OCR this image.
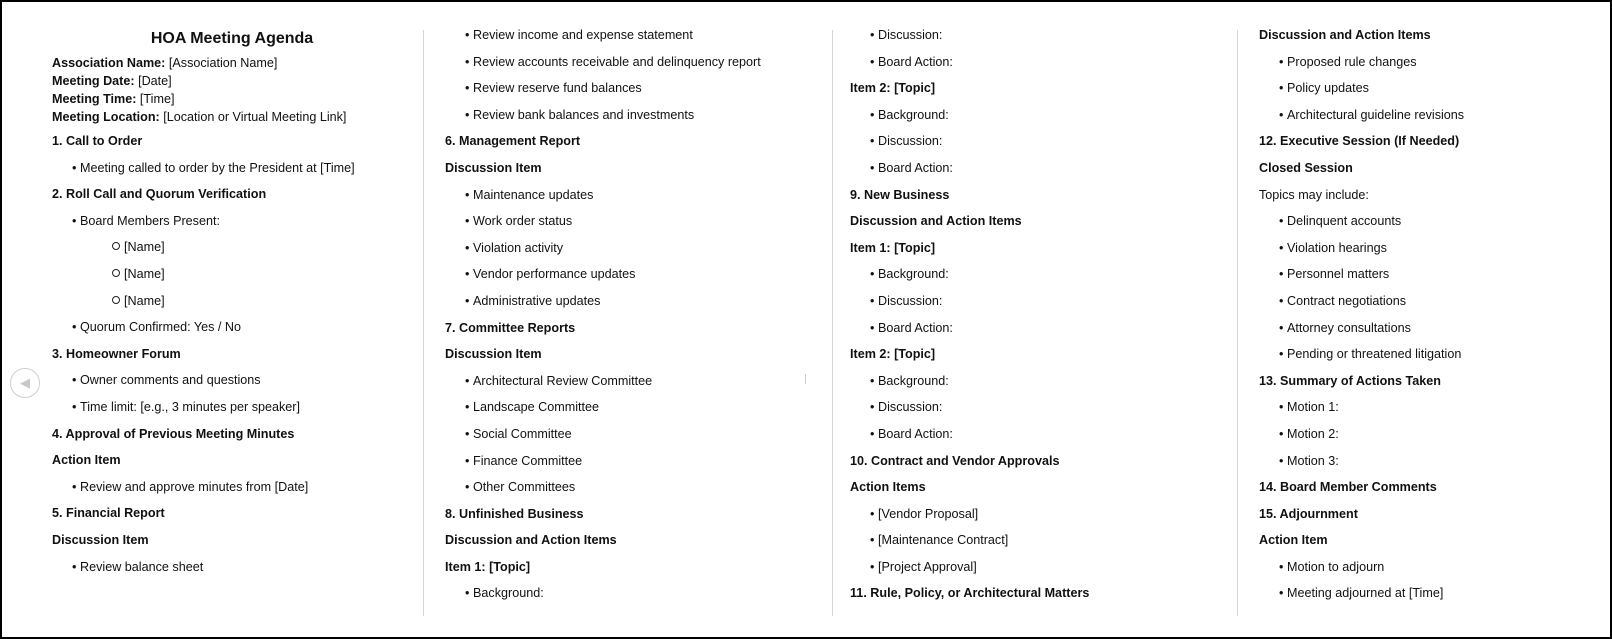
HOA Meeting Agenda
Association Name: [Association Name]
Meeting Date: [Date]
Meeting Time: [Time]
Meeting Location: [Location or Virtual Meeting Link]
1. Call to Order
• Meeting called to order by the President at [Time]
2. Roll Call and Quorum Verification
• Board Members Present:
[Name]
[Name]
[Name]
• Quorum Confirmed: Yes / No
3. Homeowner Forum
• Owner comments and questions
• Time limit: [e.g., 3 minutes per speaker]
4. Approval of Previous Meeting Minutes
Action Item
• Review and approve minutes from [Date]
5. Financial Report
Discussion Item
• Review balance sheet
• Review income and expense statement
• Review accounts receivable and delinquency report
• Review reserve fund balances
• Review bank balances and investments
6. Management Report
Discussion Item
• Maintenance updates
• Work order status
• Violation activity
• Vendor performance updates
• Administrative updates
7. Committee Reports
Discussion Item
• Architectural Review Committee
• Landscape Committee
• Social Committee
• Finance Committee
• Other Committees
8. Unfinished Business
Discussion and Action Items
Item 1: [Topic]
• Background:
• Discussion:
• Board Action:
Item 2: [Topic]
• Background:
• Discussion:
• Board Action:
9. New Business
Discussion and Action Items
Item 1: [Topic]
• Background:
• Discussion:
• Board Action:
Item 2: [Topic]
• Background:
• Discussion:
• Board Action:
10. Contract and Vendor Approvals
Action Items
• [Vendor Proposal]
• [Maintenance Contract]
• [Project Approval]
11. Rule, Policy, or Architectural Matters
Discussion and Action Items
• Proposed rule changes
• Policy updates
• Architectural guideline revisions
12. Executive Session (If Needed)
Closed Session
Topics may include:
• Delinquent accounts
• Violation hearings
• Personnel matters
• Contract negotiations
• Attorney consultations
• Pending or threatened litigation
13. Summary of Actions Taken
• Motion 1:
• Motion 2:
• Motion 3:
14. Board Member Comments
15. Adjournment
Action Item
• Motion to adjourn
• Meeting adjourned at [Time]
◀
